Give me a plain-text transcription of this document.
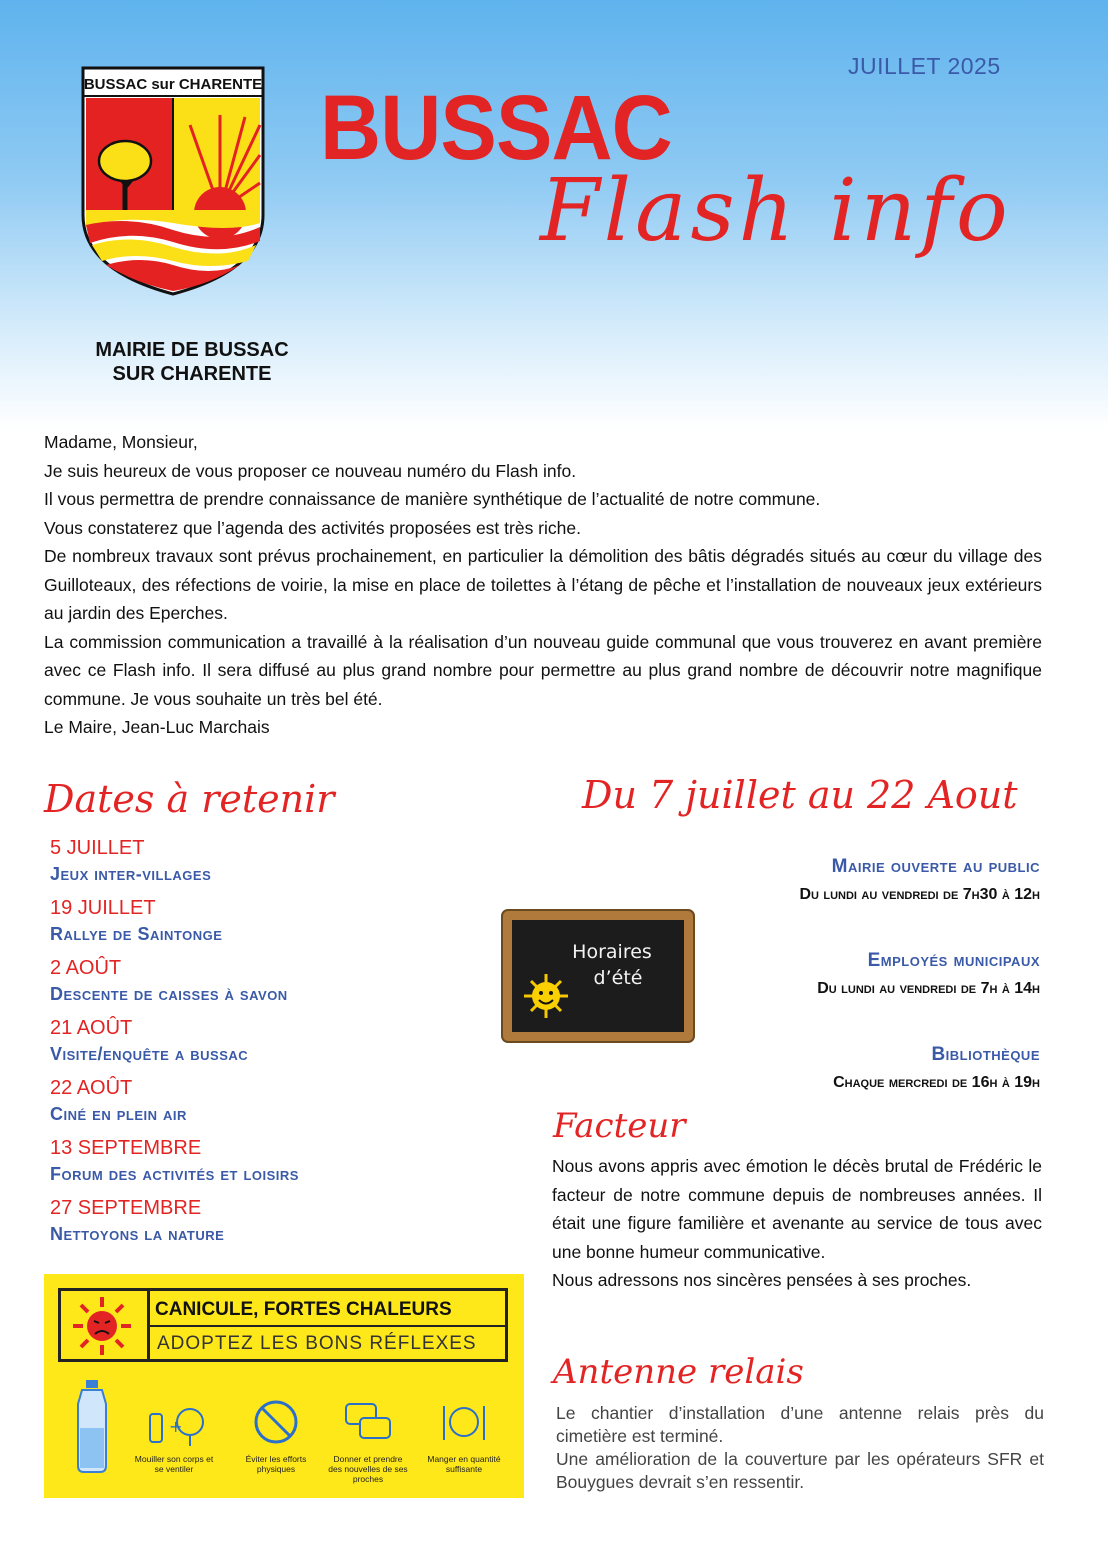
JUILLET 2025
BUSSAC sur CHARENTE BUSSAC
Flash info
MAIRIE DE BUSSAC
SUR CHARENTE

Madame, Monsieur,

Je suis heureux de vous proposer ce nouveau numéro du Flash info.

Il vous permettra de prendre connaissance de manière synthétique de l’actualité de notre commune.

Vous constaterez que l’agenda des activités proposées est très riche.

De nombreux travaux sont prévus prochainement, en particulier la démolition des bâtis dégradés situés au cœur du village des Guilloteaux, des réfections de voirie, la mise en place de toilettes à l’étang de pêche et l’installation de nouveaux jeux extérieurs au jardin des Eperches.

La commission communication a travaillé à la réalisation d’un nouveau guide communal que vous trouverez en avant première avec ce Flash info. Il sera diffusé au plus grand nombre pour permettre au plus grand nombre de découvrir notre magnifique commune. Je vous souhaite un très bel été.

Le Maire, Jean-Luc Marchais

Dates à retenir	Du 7 juillet au 22 Aout
5 JUILLET
Jeux inter-villages
19 JUILLET
Rallye de Saintonge
2 AOÛT
Descente de caisses à savon
21 AOÛT
Visite/enquête a bussac
22 AOÛT
Ciné en plein air
13 SEPTEMBRE
Forum des activités et loisirs
27 SEPTEMBRE
Nettoyons la nature
Horaires
d’été
Mairie ouverte au public
Du lundi au vendredi de 7h30 à 12h
Employés municipaux
Du lundi au vendredi de 7h à 14h
Bibliothèque
Chaque mercredi de 16h à 19h
Facteur

Nous avons appris avec émotion le décès brutal de Frédéric le facteur de notre commune depuis de nombreuses années. Il était une figure familière et avenante au service de tous avec une bonne humeur communicative.

Nous adressons nos sincères pensées à ses proches.

Antenne relais

Le chantier d’installation d’une antenne relais près du cimetière est terminé.

Une amélioration de la couverture par les opérateurs SFR et Bouygues devrait s’en ressentir.

CANICULE, FORTES CHALEURS
ADOPTEZ LES BONS RÉFLEXES
+
Mouiller son corps et se ventiler
Éviter les efforts physiques
Donner et prendre des nouvelles de ses proches
Manger en quantité suffisante
